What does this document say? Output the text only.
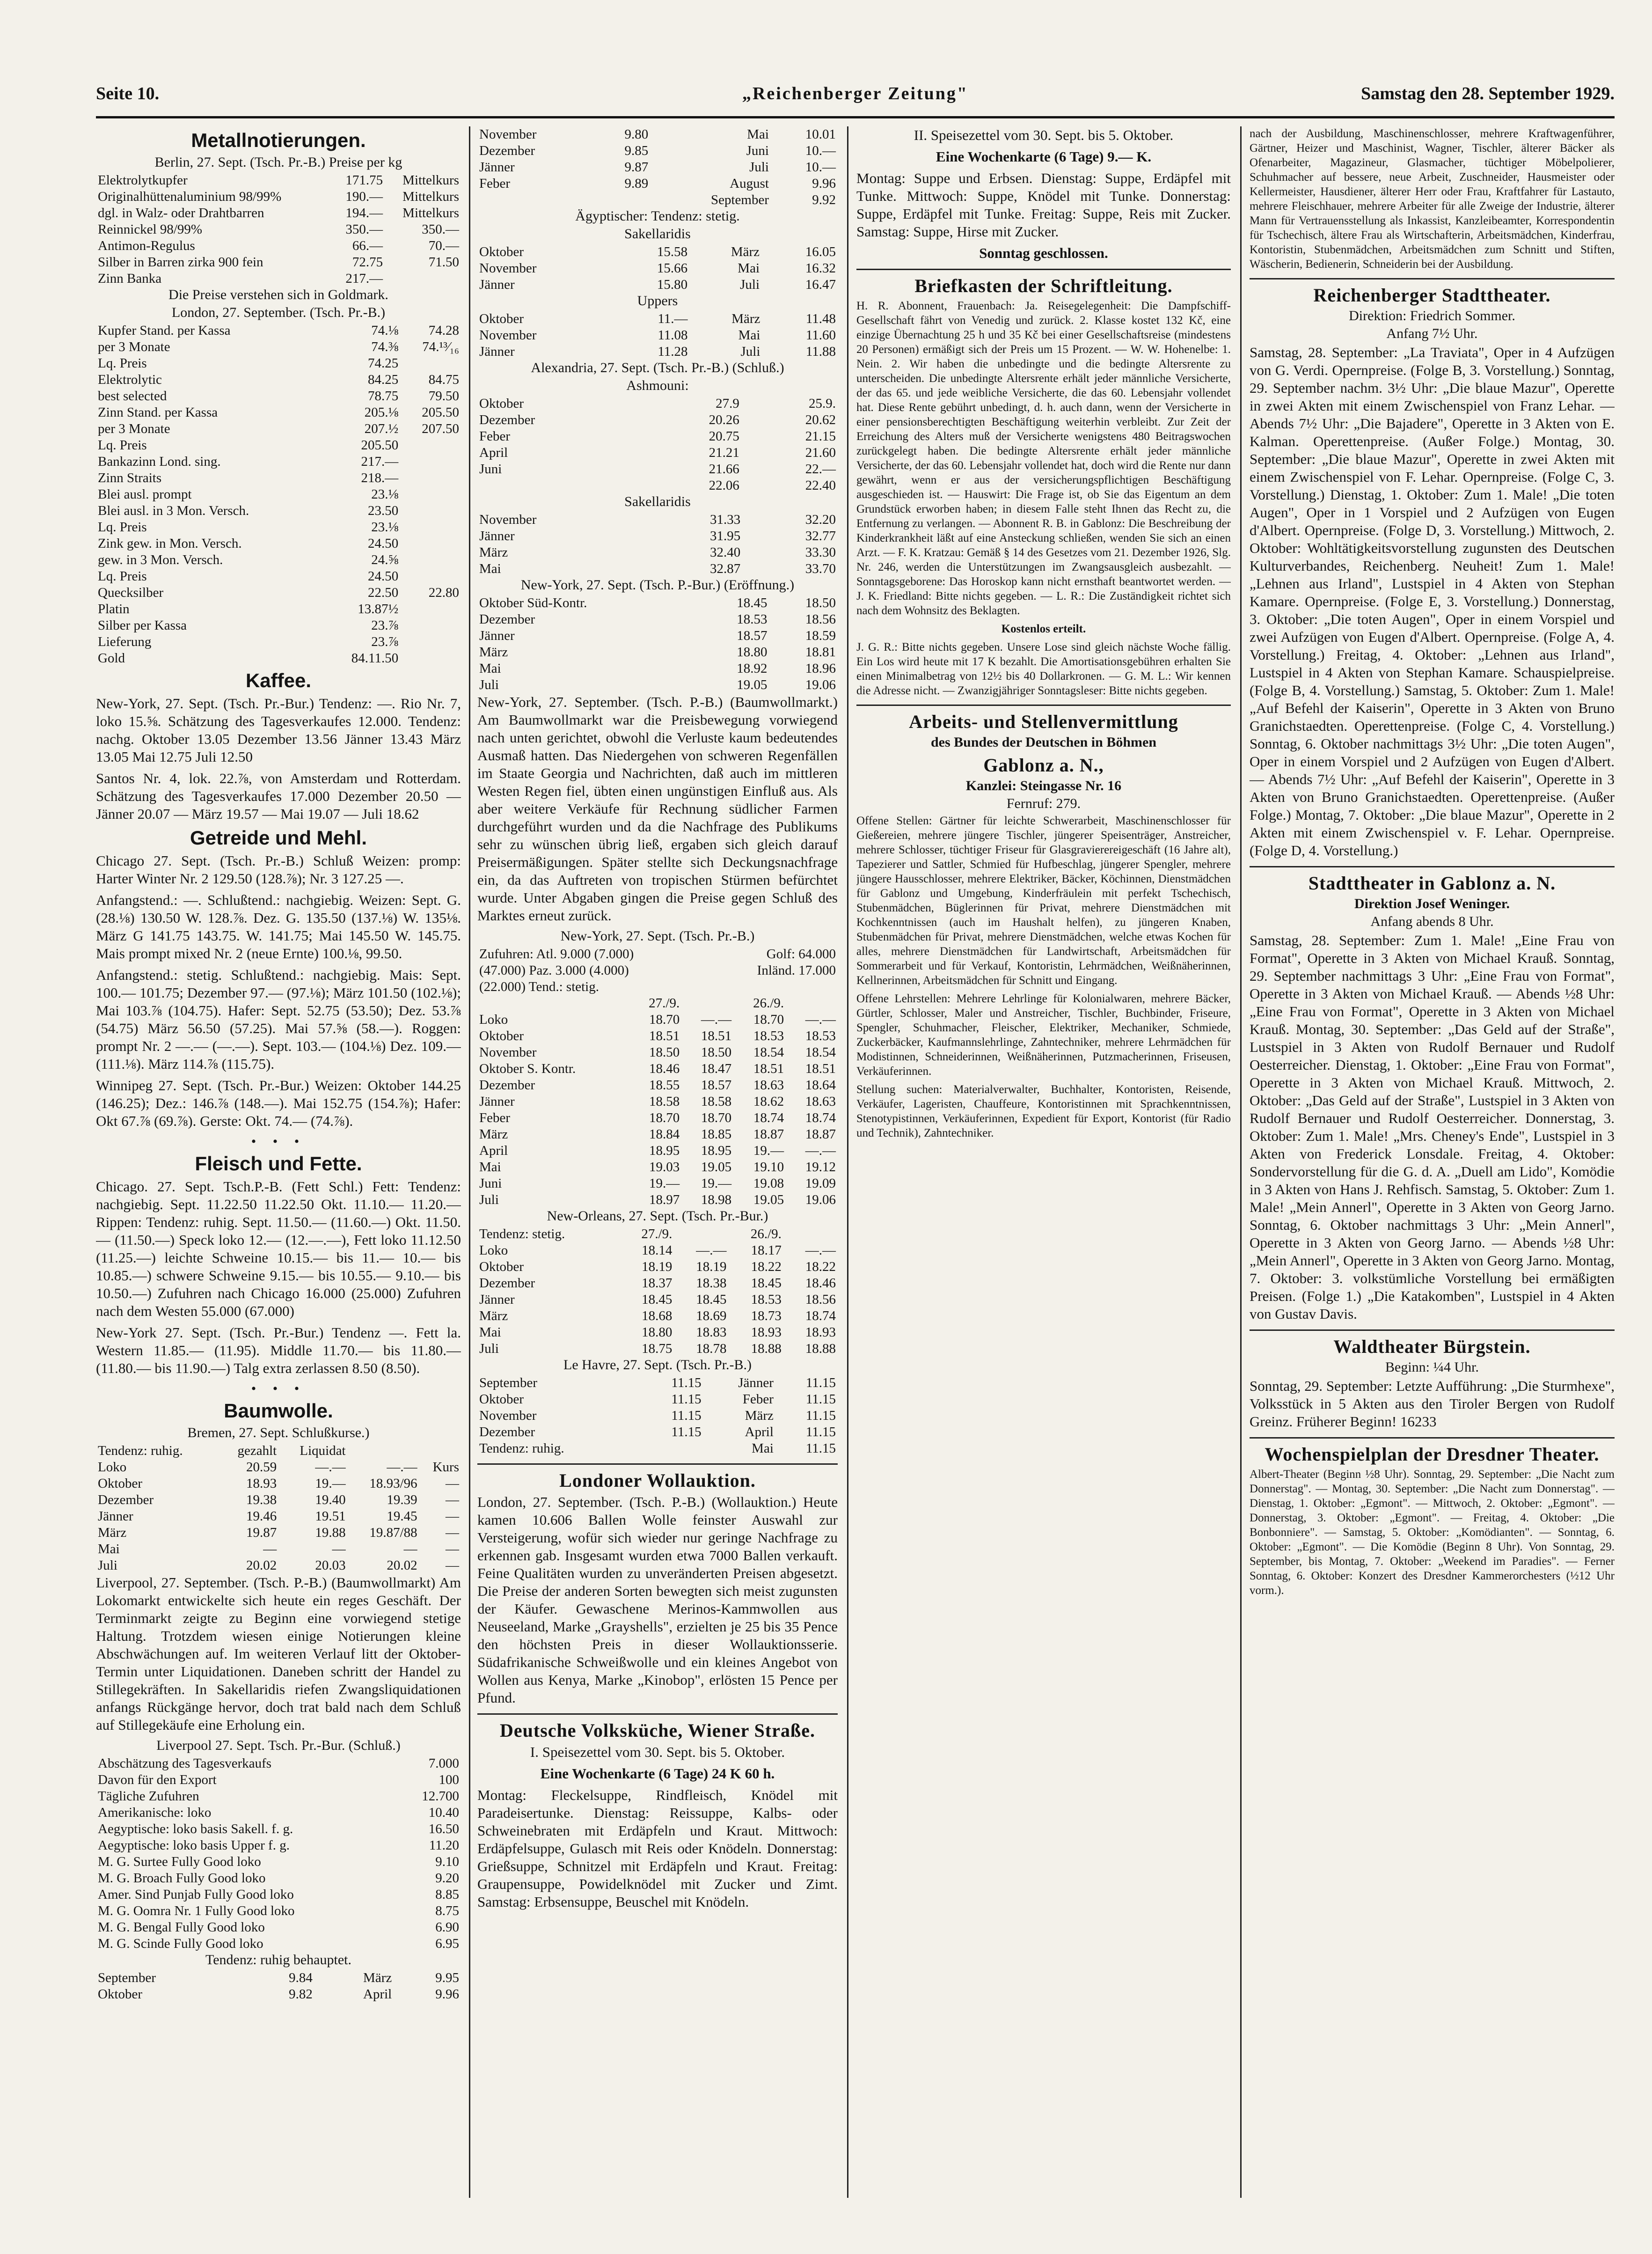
Seite 10.	„Reichenberger Zeitung"	Samstag den 28. September 1929.
Metallnotierungen.
Berlin, 27. Sept. (Tsch. Pr.-B.) Preise per kg
Elektrolytkupfer	171.75	Mittelkurs
Originalhüttenaluminium 98/99%	190.—	Mittelkurs
dgl. in Walz- oder Drahtbarren	194.—	Mittelkurs
Reinnickel 98/99%	350.—	350.—
Antimon-Regulus	66.—	70.—
Silber in Barren zirka 900 fein	72.75	71.50
Zinn Banka	217.—	
Die Preise verstehen sich in Goldmark.
London, 27. September. (Tsch. Pr.-B.)
Kupfer Stand. per Kassa	74.⅛	74.28
per 3 Monate	74.⅜	74.¹³⁄₁₆
Lq. Preis	74.25	
Elektrolytic	84.25	84.75
best selected	78.75	79.50
Zinn Stand. per Kassa	205.⅛	205.50
per 3 Monate	207.½	207.50
Lq. Preis	205.50	
Bankazinn Lond. sing.	217.—	
Zinn Straits	218.—	
Blei ausl. prompt	23.⅛	
Blei ausl. in 3 Mon. Versch.	23.50	
Lq. Preis	23.⅛	
Zink gew. in Mon. Versch.	24.50	
gew. in 3 Mon. Versch.	24.⅝	
Lq. Preis	24.50	
Quecksilber	22.50	22.80
Platin	13.87½	
Silber per Kassa	23.⅞	
Lieferung	23.⅞	
Gold	84.11.50	
Kaffee.

New-York, 27. Sept. (Tsch. Pr.-Bur.) Tendenz: —. Rio Nr. 7, loko 15.⅝. Schätzung des Tagesverkaufes 12.000. Tendenz: nachg. Oktober 13.05 Dezember 13.56 Jänner 13.43 März 13.05 Mai 12.75 Juli 12.50

Santos Nr. 4, lok. 22.⅞, von Amsterdam und Rotterdam. Schätzung des Tagesverkaufes 17.000 Dezember 20.50 — Jänner 20.07 — März 19.57 — Mai 19.07 — Juli 18.62

Getreide und Mehl.

Chicago 27. Sept. (Tsch. Pr.-B.) Schluß Weizen: promp: Harter Winter Nr. 2 129.50 (128.⅞); Nr. 3 127.25 —.

Anfangstend.: —. Schlußtend.: nachgiebig. Weizen: Sept. G. (28.⅛) 130.50 W. 128.⅞. Dez. G. 135.50 (137.⅛) W. 135⅛. März G 141.75 143.75. W. 141.75; Mai 145.50 W. 145.75. Mais prompt mixed Nr. 2 (neue Ernte) 100.⅛, 99.50.

Anfangstend.: stetig. Schlußtend.: nachgiebig. Mais: Sept. 100.— 101.75; Dezember 97.— (97.⅛); März 101.50 (102.⅛); Mai 103.⅞ (104.75). Hafer: Sept. 52.75 (53.50); Dez. 53.⅞ (54.75) März 56.50 (57.25). Mai 57.⅝ (58.—). Roggen: prompt Nr. 2 —.— (—.—). Sept. 103.— (104.⅛) Dez. 109.— (111.⅛). März 114.⅞ (115.75).

Winnipeg 27. Sept. (Tsch. Pr.-Bur.) Weizen: Oktober 144.25 (146.25); Dez.: 146.⅞ (148.—). Mai 152.75 (154.⅞); Hafer: Okt 67.⅞ (69.⅞). Gerste: Okt. 74.— (74.⅞).

• • •
Fleisch und Fette.

Chicago. 27. Sept. Tsch.P.-B. (Fett Schl.) Fett: Tendenz: nachgiebig. Sept. 11.22.50 11.22.50 Okt. 11.10.— 11.20.— Rippen: Tendenz: ruhig. Sept. 11.50.— (11.60.—) Okt. 11.50.— (11.50.—) Speck loko 12.— (12.—.—), Fett loko 11.12.50 (11.25.—) leichte Schweine 10.15.— bis 11.— 10.— bis 10.85.—) schwere Schweine 9.15.— bis 10.55.— 9.10.— bis 10.50.—) Zufuhren nach Chicago 16.000 (25.000) Zufuhren nach dem Westen 55.000 (67.000)

New-York 27. Sept. (Tsch. Pr.-Bur.) Tendenz —. Fett la. Western 11.85.— (11.95). Middle 11.70.— bis 11.80.— (11.80.— bis 11.90.—) Talg extra zerlassen 8.50 (8.50).

• • •
Baumwolle.
Bremen, 27. Sept. Schlußkurse.)
Tendenz: ruhig.	gezahlt	Liquidat		
Loko	20.59	—.—	—.—	Kurs
Oktober	18.93	19.—	18.93/96	—
Dezember	19.38	19.40	19.39	—
Jänner	19.46	19.51	19.45	—
März	19.87	19.88	19.87/88	—
Mai	—	—	—	—
Juli	20.02	20.03	20.02	—

Liverpool, 27. September. (Tsch. P.-B.) (Baumwollmarkt) Am Lokomarkt entwickelte sich heute ein reges Geschäft. Der Terminmarkt zeigte zu Beginn eine vorwiegend stetige Haltung. Trotzdem wiesen einige Notierungen kleine Abschwächungen auf. Im weiteren Verlauf litt der Oktober-Termin unter Liquidationen. Daneben schritt der Handel zu Stillegekräften. In Sakellaridis riefen Zwangsliquidationen anfangs Rückgänge hervor, doch trat bald nach dem Schluß auf Stillegekäufe eine Erholung ein.

Liverpool 27. Sept. Tsch. Pr.-Bur. (Schluß.)
Abschätzung des Tagesverkaufs	7.000
Davon für den Export	100
Tägliche Zufuhren	12.700
Amerikanische: loko	10.40
Aegyptische: loko basis Sakell. f. g.	16.50
Aegyptische: loko basis Upper f. g.	11.20
M. G. Surtee Fully Good loko	9.10
M. G. Broach Fully Good loko	9.20
Amer. Sind Punjab Fully Good loko	8.85
M. G. Oomra Nr. 1 Fully Good loko	8.75
M. G. Bengal Fully Good loko	6.90
M. G. Scinde Fully Good loko	6.95
Tendenz: ruhig behauptet.
September	9.84	März	9.95
Oktober	9.82	April	9.96
November	9.80	Mai	10.01
Dezember	9.85	Juni	10.—
Jänner	9.87	Juli	10.—
Feber	9.89	August	9.96
		September	9.92
Ägyptischer: Tendenz: stetig.
Sakellaridis
Oktober	15.58	März	16.05
November	15.66	Mai	16.32
Jänner	15.80	Juli	16.47
Uppers
Oktober	11.—	März	11.48
November	11.08	Mai	11.60
Jänner	11.28	Juli	11.88
Alexandria, 27. Sept. (Tsch. Pr.-B.) (Schluß.)
Ashmouni:
Oktober	27.9	25.9.
Dezember	20.26	20.62
Feber	20.75	21.15
April	21.21	21.60
Juni	21.66	22.—
	22.06	22.40
Sakellaridis
November	31.33	32.20
Jänner	31.95	32.77
März	32.40	33.30
Mai	32.87	33.70
New-York, 27. Sept. (Tsch. P.-Bur.) (Eröffnung.)
Oktober Süd-Kontr.	18.45	18.50
Dezember	18.53	18.56
Jänner	18.57	18.59
März	18.80	18.81
Mai	18.92	18.96
Juli	19.05	19.06

New-York, 27. September. (Tsch. P.-B.) (Baumwollmarkt.) Am Baumwollmarkt war die Preisbewegung vorwiegend nach unten gerichtet, obwohl die Verluste kaum bedeutendes Ausmaß hatten. Das Niedergehen von schweren Regenfällen im Staate Georgia und Nachrichten, daß auch im mittleren Westen Regen fiel, übten einen ungünstigen Einfluß aus. Als aber weitere Verkäufe für Rechnung südlicher Farmen durchgeführt wurden und da die Nachfrage des Publikums sehr zu wünschen übrig ließ, ergaben sich gleich darauf Preisermäßigungen. Später stellte sich Deckungsnachfrage ein, da das Auftreten von tropischen Stürmen befürchtet wurde. Unter Abgaben gingen die Preise gegen Schluß des Marktes erneut zurück.

New-York, 27. Sept. (Tsch. Pr.-B.)
Zufuhren: Atl. 9.000 (7.000)	Golf: 64.000
(47.000) Paz. 3.000 (4.000)	Inländ. 17.000
(22.000) Tend.: stetig.	
	27./9.		26./9.	
Loko	18.70	—.—	18.70	—.—
Oktober	18.51	18.51	18.53	18.53
November	18.50	18.50	18.54	18.54
Oktober S. Kontr.	18.46	18.47	18.51	18.51
Dezember	18.55	18.57	18.63	18.64
Jänner	18.58	18.58	18.62	18.63
Feber	18.70	18.70	18.74	18.74
März	18.84	18.85	18.87	18.87
April	18.95	18.95	19.—	—.—
Mai	19.03	19.05	19.10	19.12
Juni	19.—	19.—	19.08	19.09
Juli	18.97	18.98	19.05	19.06
New-Orleans, 27. Sept. (Tsch. Pr.-Bur.)
Tendenz: stetig.	27./9.		26./9.	
Loko	18.14	—.—	18.17	—.—
Oktober	18.19	18.19	18.22	18.22
Dezember	18.37	18.38	18.45	18.46
Jänner	18.45	18.45	18.53	18.56
März	18.68	18.69	18.73	18.74
Mai	18.80	18.83	18.93	18.93
Juli	18.75	18.78	18.88	18.88
Le Havre, 27. Sept. (Tsch. Pr.-B.)
September	11.15	Jänner	11.15
Oktober	11.15	Feber	11.15
November	11.15	März	11.15
Dezember	11.15	April	11.15
Tendenz: ruhig.		Mai	11.15
Londoner Wollauktion.

London, 27. September. (Tsch. P.-B.) (Wollauktion.) Heute kamen 10.606 Ballen Wolle feinster Auswahl zur Versteigerung, wofür sich wieder nur geringe Nachfrage zu erkennen gab. Insgesamt wurden etwa 7000 Ballen verkauft. Feine Qualitäten wurden zu unveränderten Preisen abgesetzt. Die Preise der anderen Sorten bewegten sich meist zugunsten der Käufer. Gewaschene Merinos-Kammwollen aus Neuseeland, Marke „Grayshells", erzielten je 25 bis 35 Pence den höchsten Preis in dieser Wollauktionsserie. Südafrikanische Schweißwolle und ein kleines Angebot von Wollen aus Kenya, Marke „Kinobop", erlösten 15 Pence per Pfund.

Deutsche Volksküche, Wiener Straße.

I. Speisezettel vom 30. Sept. bis 5. Oktober.

Eine Wochenkarte (6 Tage) 24 K 60 h.

Montag: Fleckelsuppe, Rindfleisch, Knödel mit Paradeisertunke. Dienstag: Reissuppe, Kalbs- oder Schweinebraten mit Erdäpfeln und Kraut. Mittwoch: Erdäpfelsuppe, Gulasch mit Reis oder Knödeln. Donnerstag: Grießsuppe, Schnitzel mit Erdäpfeln und Kraut. Freitag: Graupensuppe, Powidelknödel mit Zucker und Zimt. Samstag: Erbsensuppe, Beuschel mit Knödeln.

II. Speisezettel vom 30. Sept. bis 5. Oktober.

Eine Wochenkarte (6 Tage) 9.— K.

Montag: Suppe und Erbsen. Dienstag: Suppe, Erdäpfel mit Tunke. Mittwoch: Suppe, Knödel mit Tunke. Donnerstag: Suppe, Erdäpfel mit Tunke. Freitag: Suppe, Reis mit Zucker. Samstag: Suppe, Hirse mit Zucker.

Sonntag geschlossen.

Briefkasten der Schriftleitung.

H. R. Abonnent, Frauenbach: Ja. Reisegelegenheit: Die Dampfschiff-Gesellschaft fährt von Venedig und zurück. 2. Klasse kostet 132 Kč, eine einzige Übernachtung 25 h und 35 Kč bei einer Gesellschaftsreise (mindestens 20 Personen) ermäßigt sich der Preis um 15 Prozent. — W. W. Hohenelbe: 1. Nein. 2. Wir haben die unbedingte und die bedingte Altersrente zu unterscheiden. Die unbedingte Altersrente erhält jeder männliche Versicherte, der das 65. und jede weibliche Versicherte, die das 60. Lebensjahr vollendet hat. Diese Rente gebührt unbedingt, d. h. auch dann, wenn der Versicherte in einer pensionsberechtigten Beschäftigung weiterhin verbleibt. Zur Zeit der Erreichung des Alters muß der Versicherte wenigstens 480 Beitragswochen zurückgelegt haben. Die bedingte Altersrente erhält jeder männliche Versicherte, der das 60. Lebensjahr vollendet hat, doch wird die Rente nur dann gewährt, wenn er aus der versicherungspflichtigen Beschäftigung ausgeschieden ist. — Hauswirt: Die Frage ist, ob Sie das Eigentum an dem Grundstück erworben haben; in diesem Falle steht Ihnen das Recht zu, die Entfernung zu verlangen. — Abonnent R. B. in Gablonz: Die Beschreibung der Kinderkrankheit läßt auf eine Ansteckung schließen, wenden Sie sich an einen Arzt. — F. K. Kratzau: Gemäß § 14 des Gesetzes vom 21. Dezember 1926, Slg. Nr. 246, werden die Unterstützungen im Zwangsausgleich ausbezahlt. — Sonntagsgeborene: Das Horoskop kann nicht ernsthaft beantwortet werden. — J. K. Friedland: Bitte nichts gegeben. — L. R.: Die Zuständigkeit richtet sich nach dem Wohnsitz des Beklagten.

Kostenlos erteilt.

J. G. R.: Bitte nichts gegeben. Unsere Lose sind gleich nächste Woche fällig. Ein Los wird heute mit 17 K bezahlt. Die Amortisationsgebühren erhalten Sie einen Minimalbetrag von 12½ bis 40 Dollarkronen. — G. M. L.: Wir kennen die Adresse nicht. — Zwanzigjähriger Sonntagsleser: Bitte nichts gegeben.

Arbeits- und Stellenvermittlung
des Bundes der Deutschen in Böhmen
Gablonz a. N.,
Kanzlei: Steingasse Nr. 16
Fernruf: 279.

Offene Stellen: Gärtner für leichte Schwerarbeit, Maschinenschlosser für Gießereien, mehrere jüngere Tischler, jüngerer Speisenträger, Anstreicher, mehrere Schlosser, tüchtiger Friseur für Glasgravierereigeschäft (16 Jahre alt), Tapezierer und Sattler, Schmied für Hufbeschlag, jüngerer Spengler, mehrere jüngere Hausschlosser, mehrere Elektriker, Bäcker, Köchinnen, Dienstmädchen für Gablonz und Umgebung, Kinderfräulein mit perfekt Tschechisch, Stubenmädchen, Büglerinnen für Privat, mehrere Dienstmädchen mit Kochkenntnissen (auch im Haushalt helfen), zu jüngeren Knaben, Stubenmädchen für Privat, mehrere Dienstmädchen, welche etwas Kochen für alles, mehrere Dienstmädchen für Landwirtschaft, Arbeitsmädchen für Sommerarbeit und für Verkauf, Kontoristin, Lehrmädchen, Weißnäherinnen, Kellnerinnen, Arbeitsmädchen für Schnitt und Eingang.

Offene Lehrstellen: Mehrere Lehrlinge für Kolonialwaren, mehrere Bäcker, Gürtler, Schlosser, Maler und Anstreicher, Tischler, Buchbinder, Friseure, Spengler, Schuhmacher, Fleischer, Elektriker, Mechaniker, Schmiede, Zuckerbäcker, Kaufmannslehrlinge, Zahntechniker, mehrere Lehrmädchen für Modistinnen, Schneiderinnen, Weißnäherinnen, Putzmacherinnen, Friseusen, Verkäuferinnen.

Stellung suchen: Materialverwalter, Buchhalter, Kontoristen, Reisende, Verkäufer, Lageristen, Chauffeure, Kontoristinnen mit Sprachkenntnissen, Stenotypistinnen, Verkäuferinnen, Expedient für Export, Kontorist (für Radio und Technik), Zahntechniker.

nach der Ausbildung, Maschinenschlosser, mehrere Kraftwagenführer, Gärtner, Heizer und Maschinist, Wagner, Tischler, älterer Bäcker als Ofenarbeiter, Magazineur, Glasmacher, tüchtiger Möbelpolierer, Schuhmacher auf bessere, neue Arbeit, Zuschneider, Hausmeister oder Kellermeister, Hausdiener, älterer Herr oder Frau, Kraftfahrer für Lastauto, mehrere Fleischhauer, mehrere Arbeiter für alle Zweige der Industrie, älterer Mann für Vertrauensstellung als Inkassist, Kanzleibeamter, Korrespondentin für Tschechisch, ältere Frau als Wirtschafterin, Arbeitsmädchen, Kinderfrau, Kontoristin, Stubenmädchen, Arbeitsmädchen zum Schnitt und Stiften, Wäscherin, Bedienerin, Schneiderin bei der Ausbildung.

Reichenberger Stadttheater.
Direktion: Friedrich Sommer.
Anfang 7½ Uhr.

Samstag, 28. September: „La Traviata", Oper in 4 Aufzügen von G. Verdi. Opernpreise. (Folge B, 3. Vorstellung.) Sonntag, 29. September nachm. 3½ Uhr: „Die blaue Mazur", Operette in zwei Akten mit einem Zwischenspiel von Franz Lehar. — Abends 7½ Uhr: „Die Bajadere", Operette in 3 Akten von E. Kalman. Operettenpreise. (Außer Folge.) Montag, 30. September: „Die blaue Mazur", Operette in zwei Akten mit einem Zwischenspiel von F. Lehar. Opernpreise. (Folge C, 3. Vorstellung.) Dienstag, 1. Oktober: Zum 1. Male! „Die toten Augen", Oper in 1 Vorspiel und 2 Aufzügen von Eugen d'Albert. Opernpreise. (Folge D, 3. Vorstellung.) Mittwoch, 2. Oktober: Wohltätigkeitsvorstellung zugunsten des Deutschen Kulturverbandes, Reichenberg. Neuheit! Zum 1. Male! „Lehnen aus Irland", Lustspiel in 4 Akten von Stephan Kamare. Opernpreise. (Folge E, 3. Vorstellung.) Donnerstag, 3. Oktober: „Die toten Augen", Oper in einem Vorspiel und zwei Aufzügen von Eugen d'Albert. Opernpreise. (Folge A, 4. Vorstellung.) Freitag, 4. Oktober: „Lehnen aus Irland", Lustspiel in 4 Akten von Stephan Kamare. Schauspielpreise. (Folge B, 4. Vorstellung.) Samstag, 5. Oktober: Zum 1. Male! „Auf Befehl der Kaiserin", Operette in 3 Akten von Bruno Granichstaedten. Operettenpreise. (Folge C, 4. Vorstellung.) Sonntag, 6. Oktober nachmittags 3½ Uhr: „Die toten Augen", Oper in einem Vorspiel und 2 Aufzügen von Eugen d'Albert. — Abends 7½ Uhr: „Auf Befehl der Kaiserin", Operette in 3 Akten von Bruno Granichstaedten. Operettenpreise. (Außer Folge.) Montag, 7. Oktober: „Die blaue Mazur", Operette in 2 Akten mit einem Zwischenspiel v. F. Lehar. Opernpreise. (Folge D, 4. Vorstellung.)

Stadttheater in Gablonz a. N.
Direktion Josef Weninger.
Anfang abends 8 Uhr.

Samstag, 28. September: Zum 1. Male! „Eine Frau von Format", Operette in 3 Akten von Michael Krauß. Sonntag, 29. September nachmittags 3 Uhr: „Eine Frau von Format", Operette in 3 Akten von Michael Krauß. — Abends ½8 Uhr: „Eine Frau von Format", Operette in 3 Akten von Michael Krauß. Montag, 30. September: „Das Geld auf der Straße", Lustspiel in 3 Akten von Rudolf Bernauer und Rudolf Oesterreicher. Dienstag, 1. Oktober: „Eine Frau von Format", Operette in 3 Akten von Michael Krauß. Mittwoch, 2. Oktober: „Das Geld auf der Straße", Lustspiel in 3 Akten von Rudolf Bernauer und Rudolf Oesterreicher. Donnerstag, 3. Oktober: Zum 1. Male! „Mrs. Cheney's Ende", Lustspiel in 3 Akten von Frederick Lonsdale. Freitag, 4. Oktober: Sondervorstellung für die G. d. A. „Duell am Lido", Komödie in 3 Akten von Hans J. Rehfisch. Samstag, 5. Oktober: Zum 1. Male! „Mein Annerl", Operette in 3 Akten von Georg Jarno. Sonntag, 6. Oktober nachmittags 3 Uhr: „Mein Annerl", Operette in 3 Akten von Georg Jarno. — Abends ½8 Uhr: „Mein Annerl", Operette in 3 Akten von Georg Jarno. Montag, 7. Oktober: 3. volkstümliche Vorstellung bei ermäßigten Preisen. (Folge 1.) „Die Katakomben", Lustspiel in 4 Akten von Gustav Davis.

Waldtheater Bürgstein.
Beginn: ¼4 Uhr.

Sonntag, 29. September: Letzte Aufführung: „Die Sturmhexe", Volksstück in 5 Akten aus den Tiroler Bergen von Rudolf Greinz. Früherer Beginn! 16233

Wochenspielplan der Dresdner Theater.

Albert-Theater (Beginn ½8 Uhr). Sonntag, 29. September: „Die Nacht zum Donnerstag". — Montag, 30. September: „Die Nacht zum Donnerstag". — Dienstag, 1. Oktober: „Egmont". — Mittwoch, 2. Oktober: „Egmont". — Donnerstag, 3. Oktober: „Egmont". — Freitag, 4. Oktober: „Die Bonbonniere". — Samstag, 5. Oktober: „Komödianten". — Sonntag, 6. Oktober: „Egmont". — Die Komödie (Beginn 8 Uhr). Von Sonntag, 29. September, bis Montag, 7. Oktober: „Weekend im Paradies". — Ferner Sonntag, 6. Oktober: Konzert des Dresdner Kammerorchesters (½12 Uhr vorm.).
